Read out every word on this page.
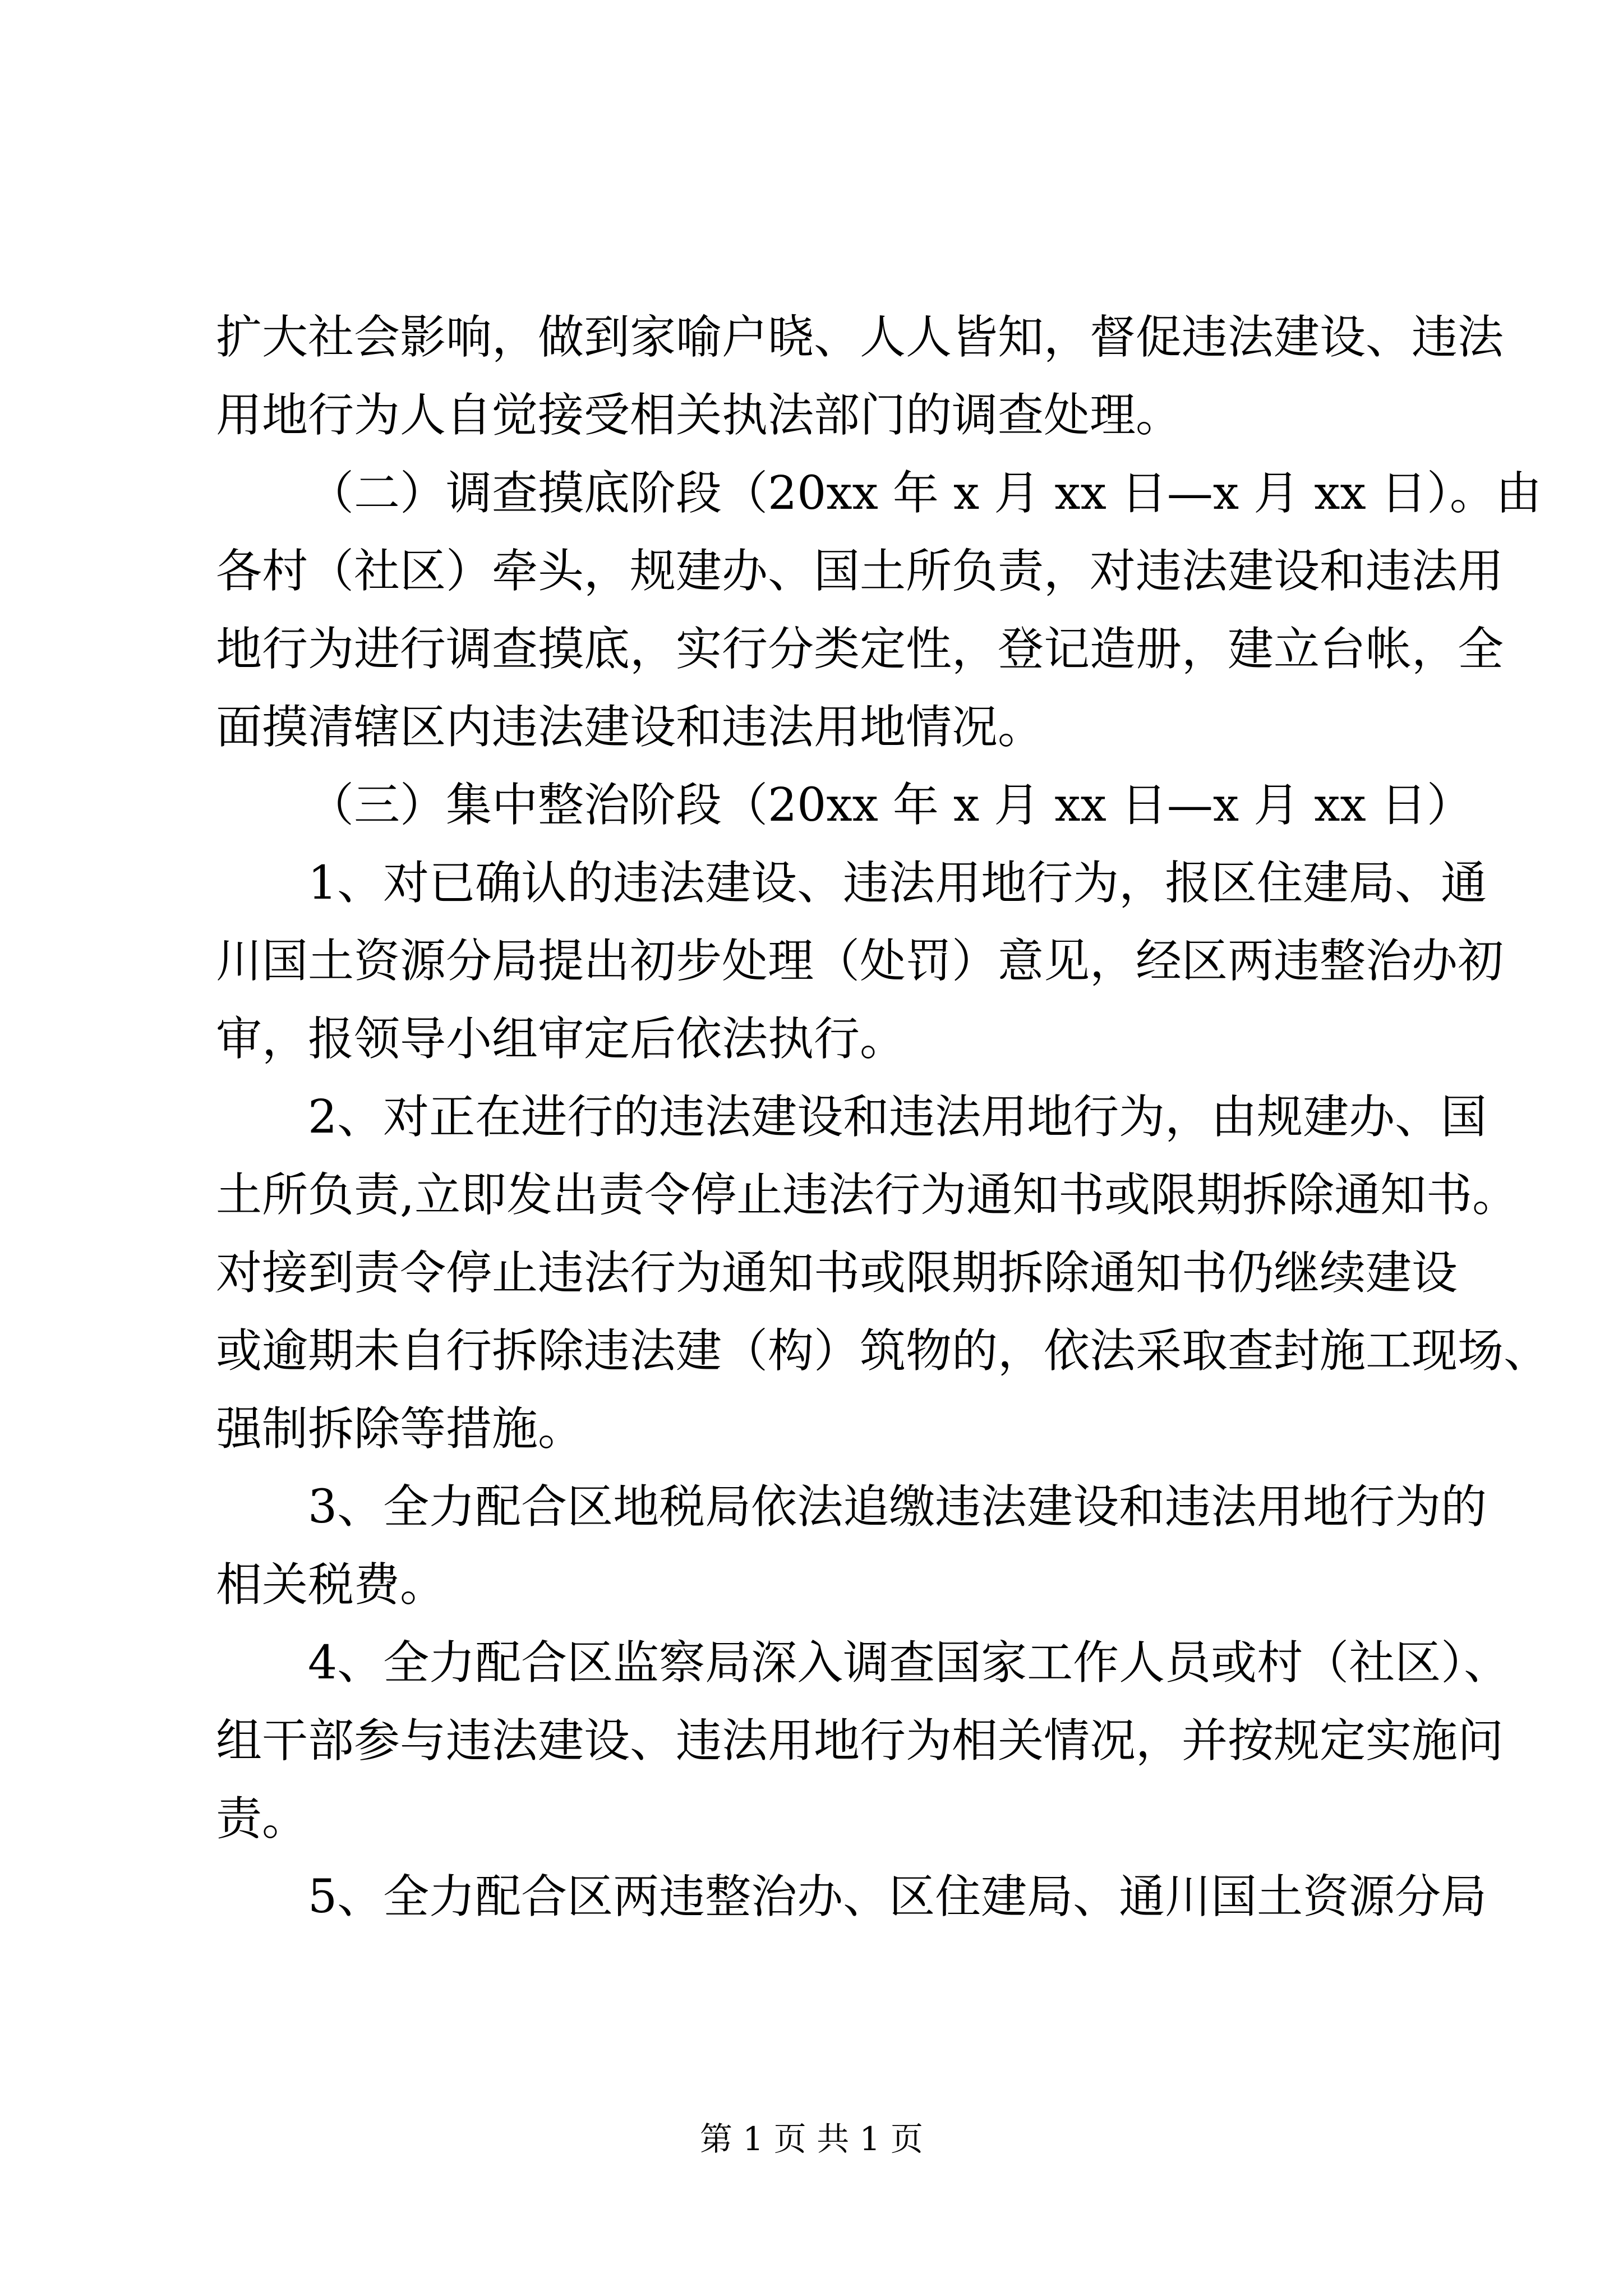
扩大社会影响，做到家喻户晓、人人皆知，督促违法建设、违法
用地行为人自觉接受相关执法部门的调查处理。
（二）调查摸底阶段（20xx 年 x 月 xx 日—x 月 xx 日）。由
各村（社区）牵头，规建办、国土所负责，对违法建设和违法用
地行为进行调查摸底，实行分类定性，登记造册，建立台帐，全
面摸清辖区内违法建设和违法用地情况。
（三）集中整治阶段（20xx 年 x 月 xx 日—x 月 xx 日）
1、对已确认的违法建设、违法用地行为，报区住建局、通
川国土资源分局提出初步处理（处罚）意见，经区两违整治办初
审，报领导小组审定后依法执行。
2、对正在进行的违法建设和违法用地行为，由规建办、国
土所负责,立即发出责令停止违法行为通知书或限期拆除通知书。
对接到责令停止违法行为通知书或限期拆除通知书仍继续建设
或逾期未自行拆除违法建（构）筑物的，依法采取查封施工现场、
强制拆除等措施。
3、全力配合区地税局依法追缴违法建设和违法用地行为的
相关税费。
4、全力配合区监察局深入调查国家工作人员或村（社区）、
组干部参与违法建设、违法用地行为相关情况，并按规定实施问
责。
5、全力配合区两违整治办、区住建局、通川国土资源分局
第 1 页 共 1 页
